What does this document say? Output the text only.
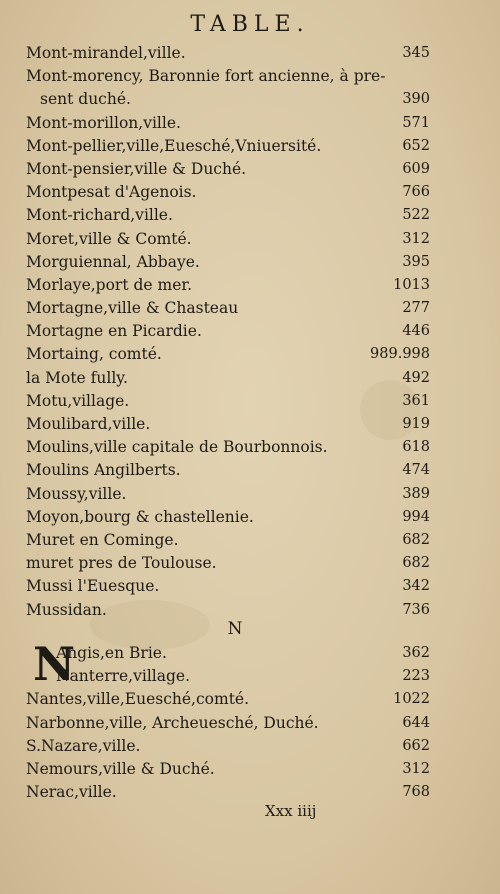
TABLE.
Mont-mirandel,ville.	345
Mont-morency, Baronnie fort ancienne, à pre-
sent duché.	390
Mont-morillon,ville.	571
Mont-pellier,ville,Euesché,Vniuersité.	652
Mont-pensier,ville & Duché.	609
Montpesat d'Agenois.	766
Mont-richard,ville.	522
Moret,ville & Comté.	312
Morguiennal, Abbaye.	395
Morlaye,port de mer.	1013
Mortagne,ville & Chasteau	277
Mortagne en Picardie.	446
Mortaing, comté.	989.998
la Mote fully.	492
Motu,village.	361
Moulibard,ville.	919
Moulins,ville capitale de Bourbonnois.	618
Moulins Angilberts.	474
Moussy,ville.	389
Moyon,bourg & chastellenie.	994
Muret en Cominge.	682
muret pres de Toulouse.	682
Mussi l'Euesque.	342
Mussidan.	736
N
N
Angis,en Brie.	362
Nanterre,village.	223
Nantes,ville,Euesché,comté.	1022
Narbonne,ville, Archeuesché, Duché.	644
S.Nazare,ville.	662
Nemours,ville & Duché.	312
Nerac,ville.	768
Xxx iiij
